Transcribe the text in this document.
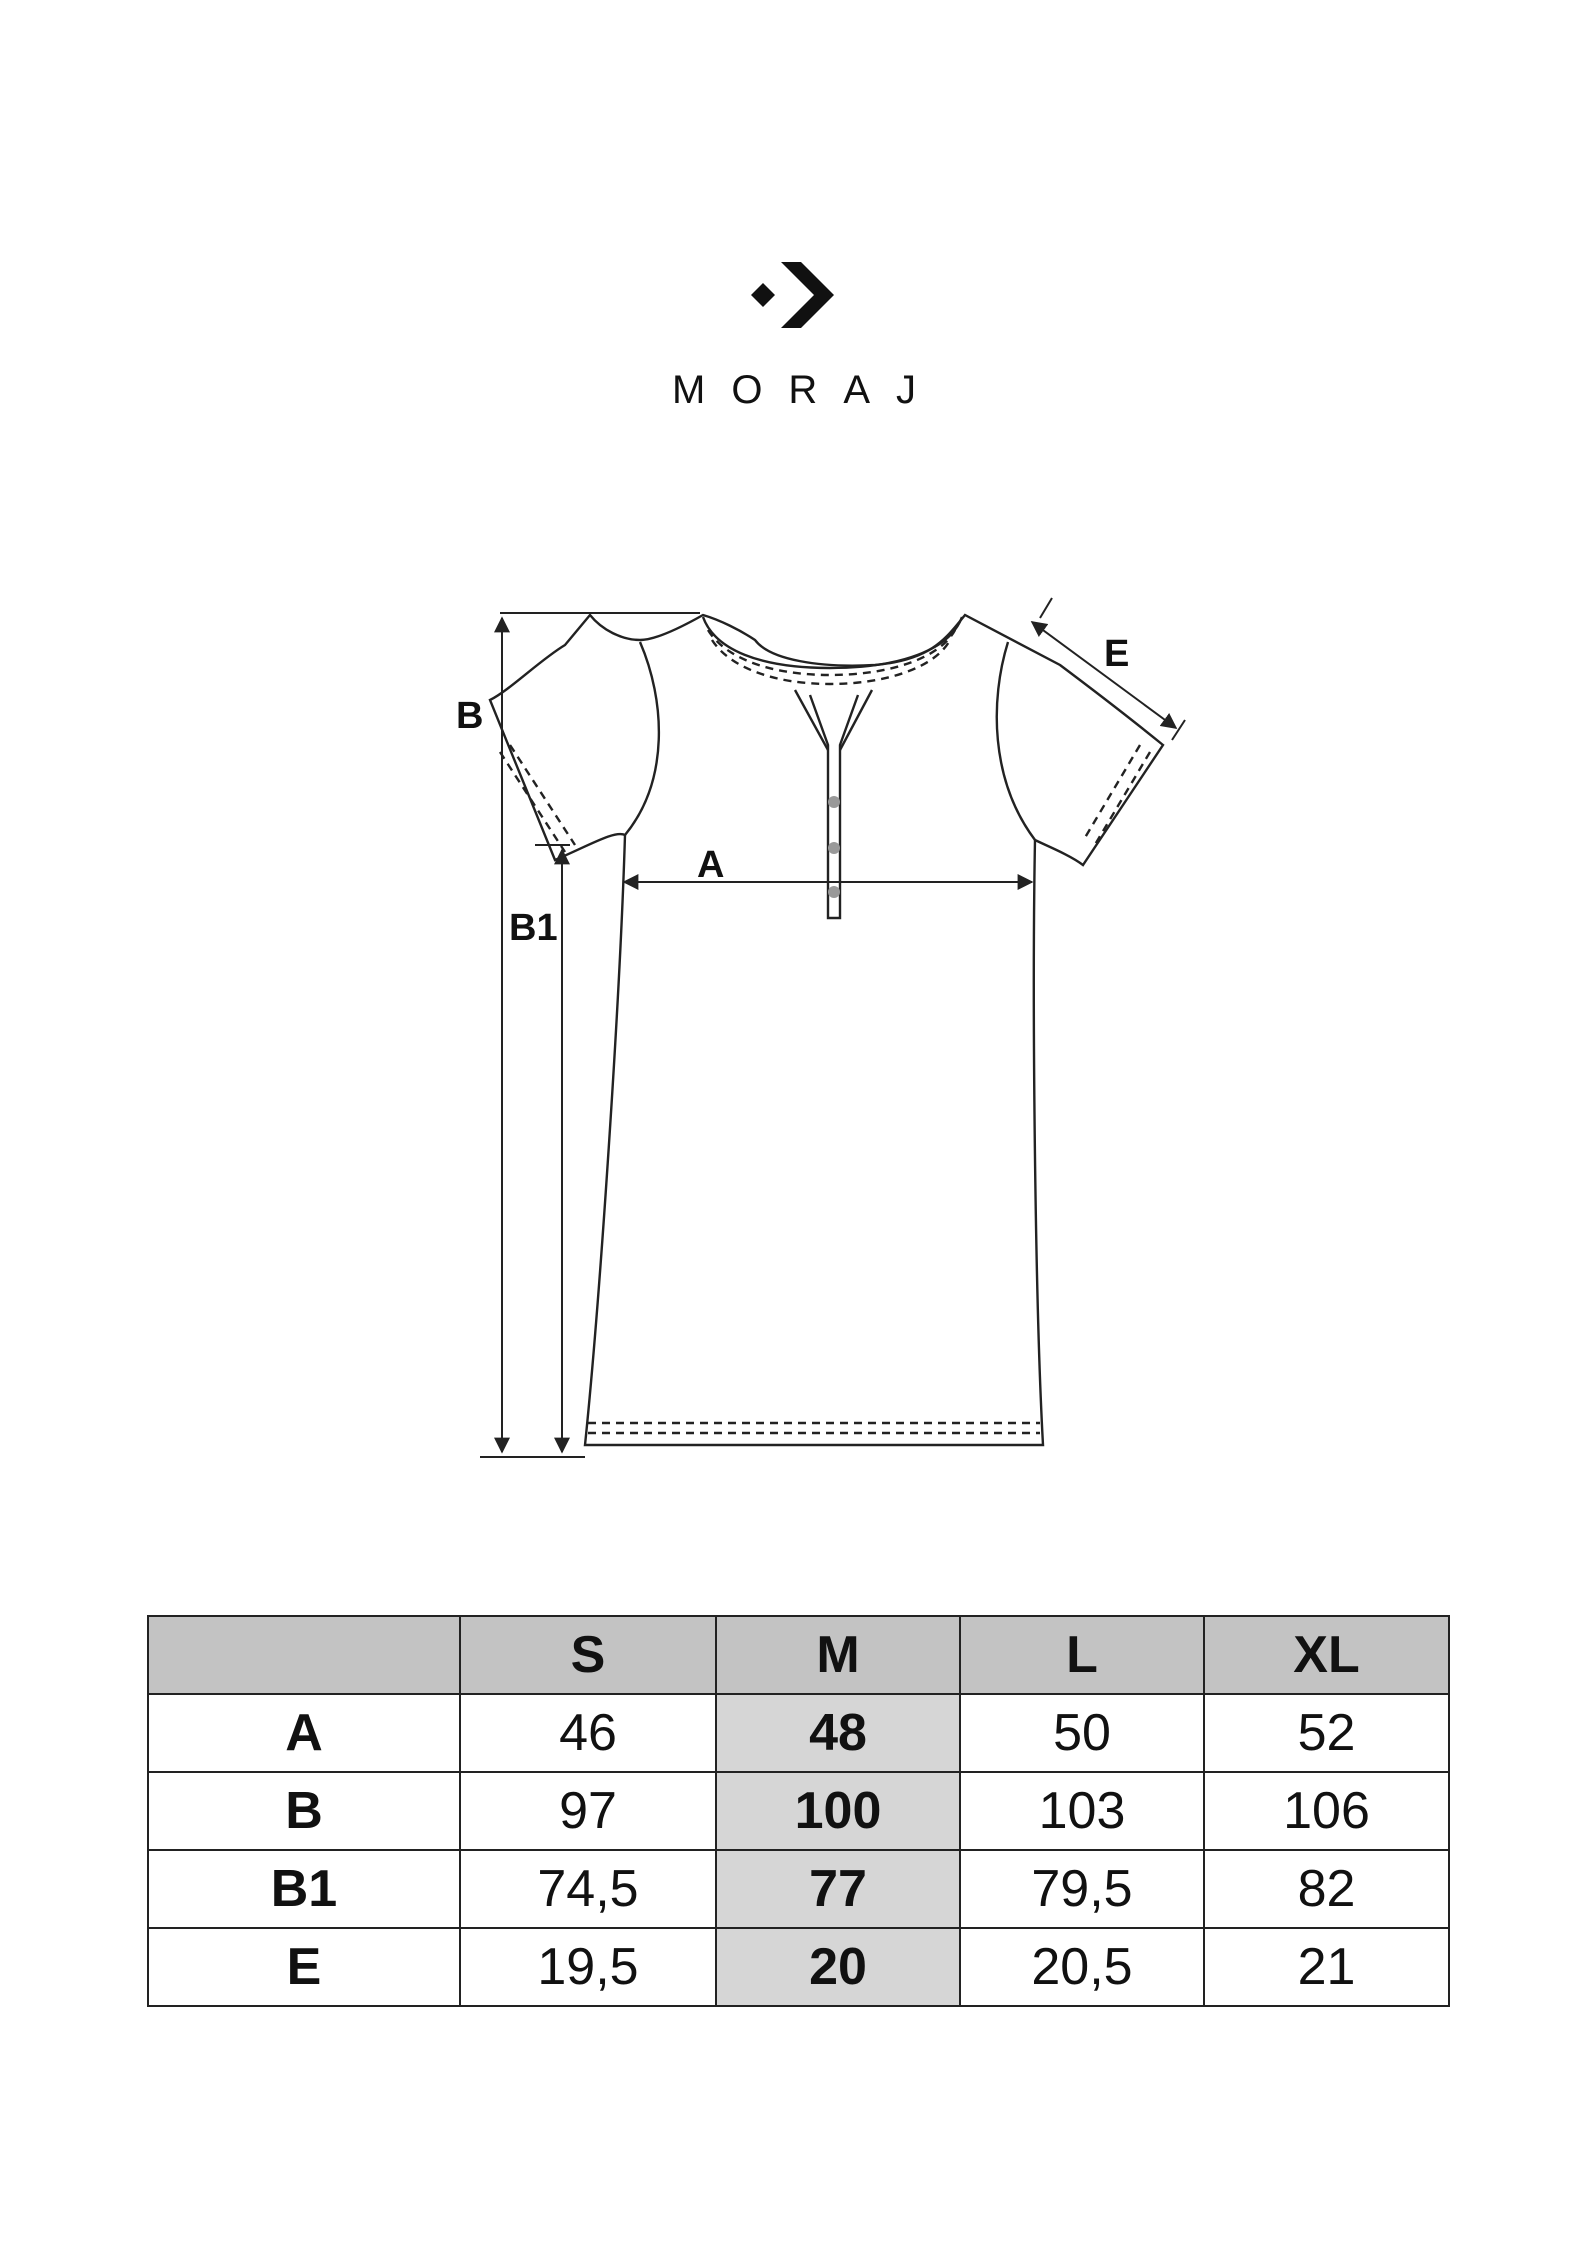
MORAJ
B
B1
A
E
	S	M	L	XL
A	46	48	50	52
B	97	100	103	106
B1	74,5	77	79,5	82
E	19,5	20	20,5	21
